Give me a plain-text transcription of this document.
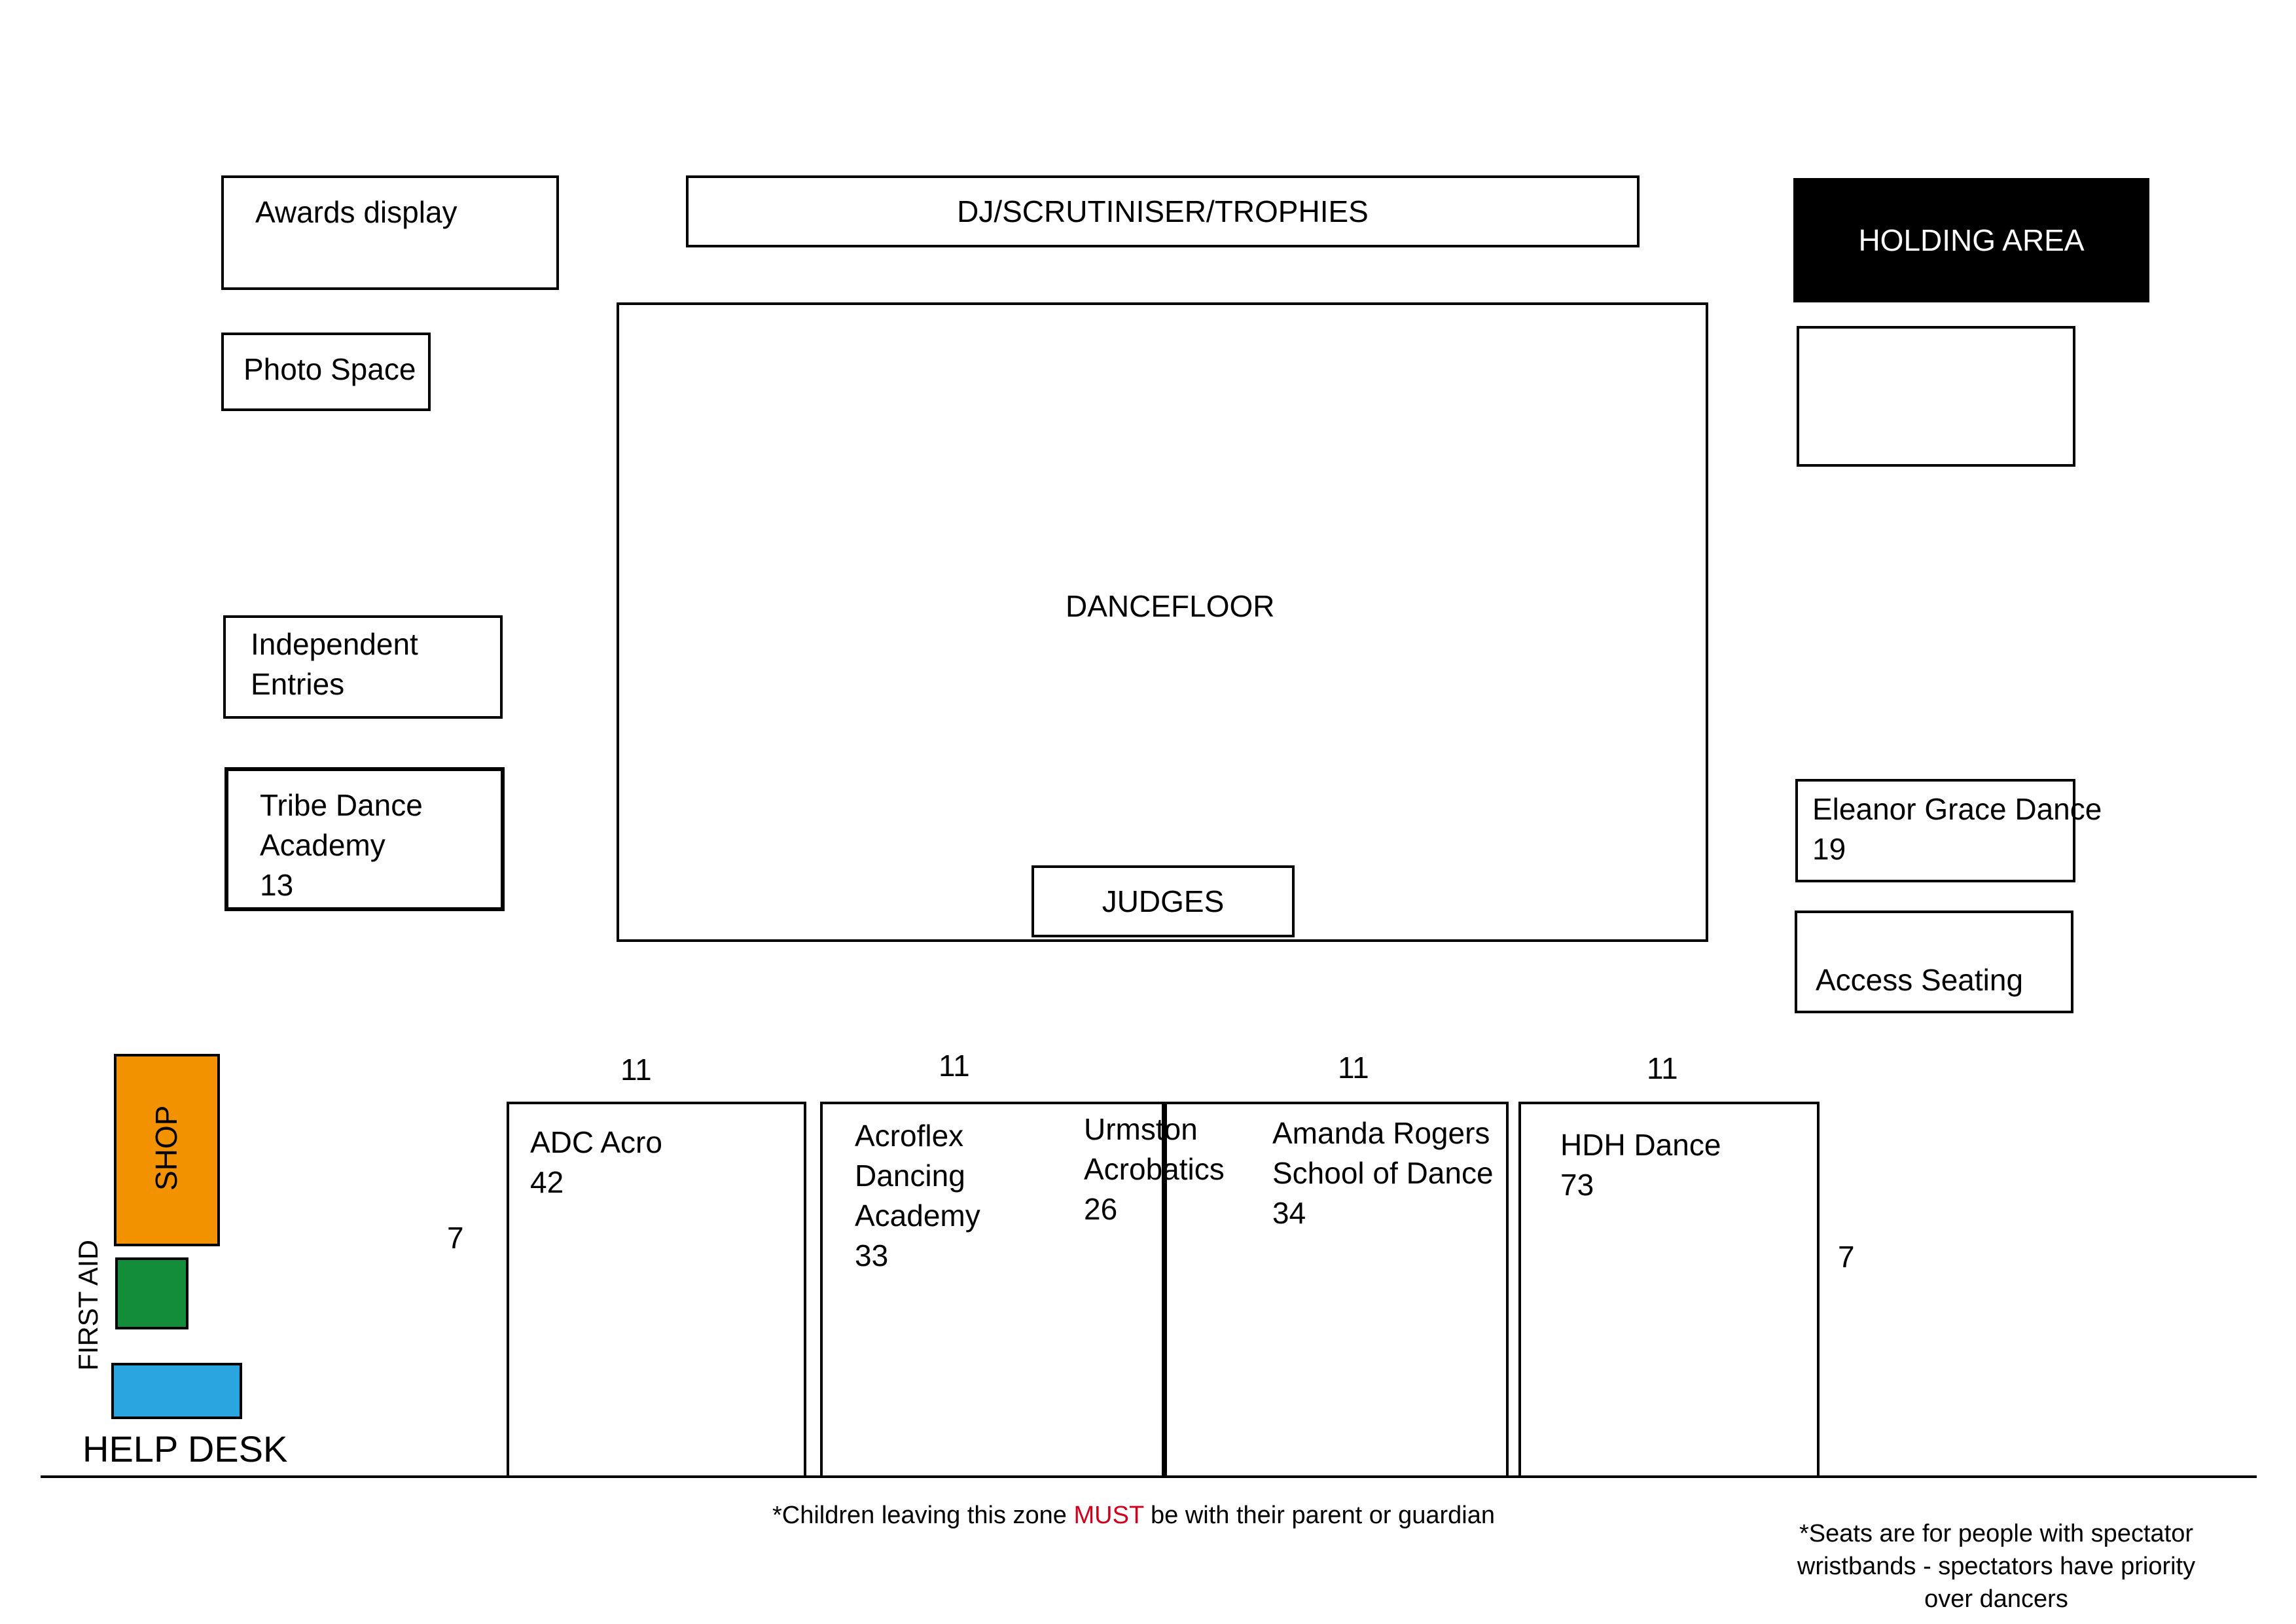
Awards display	DJ/SCRUTINISER/TROPHIES
HOLDING AREA
Photo Space
DANCEFLOOR
JUDGES
Independent
Entries
Tribe Dance
Academy
13
Eleanor Grace Dance
19
Access Seating
11	11	11	11
7
7
ADC Acro
42
Acroflex
Dancing
Academy
33
Amanda Rogers
School of Dance
34
Urmston
Acrobatics
26
HDH Dance
73
SHOP
FIRST AID
HELP DESK
*Children leaving this zone MUST be with their parent or guardian
*Seats are for people with spectator
wristbands - spectators have priority
over dancers
